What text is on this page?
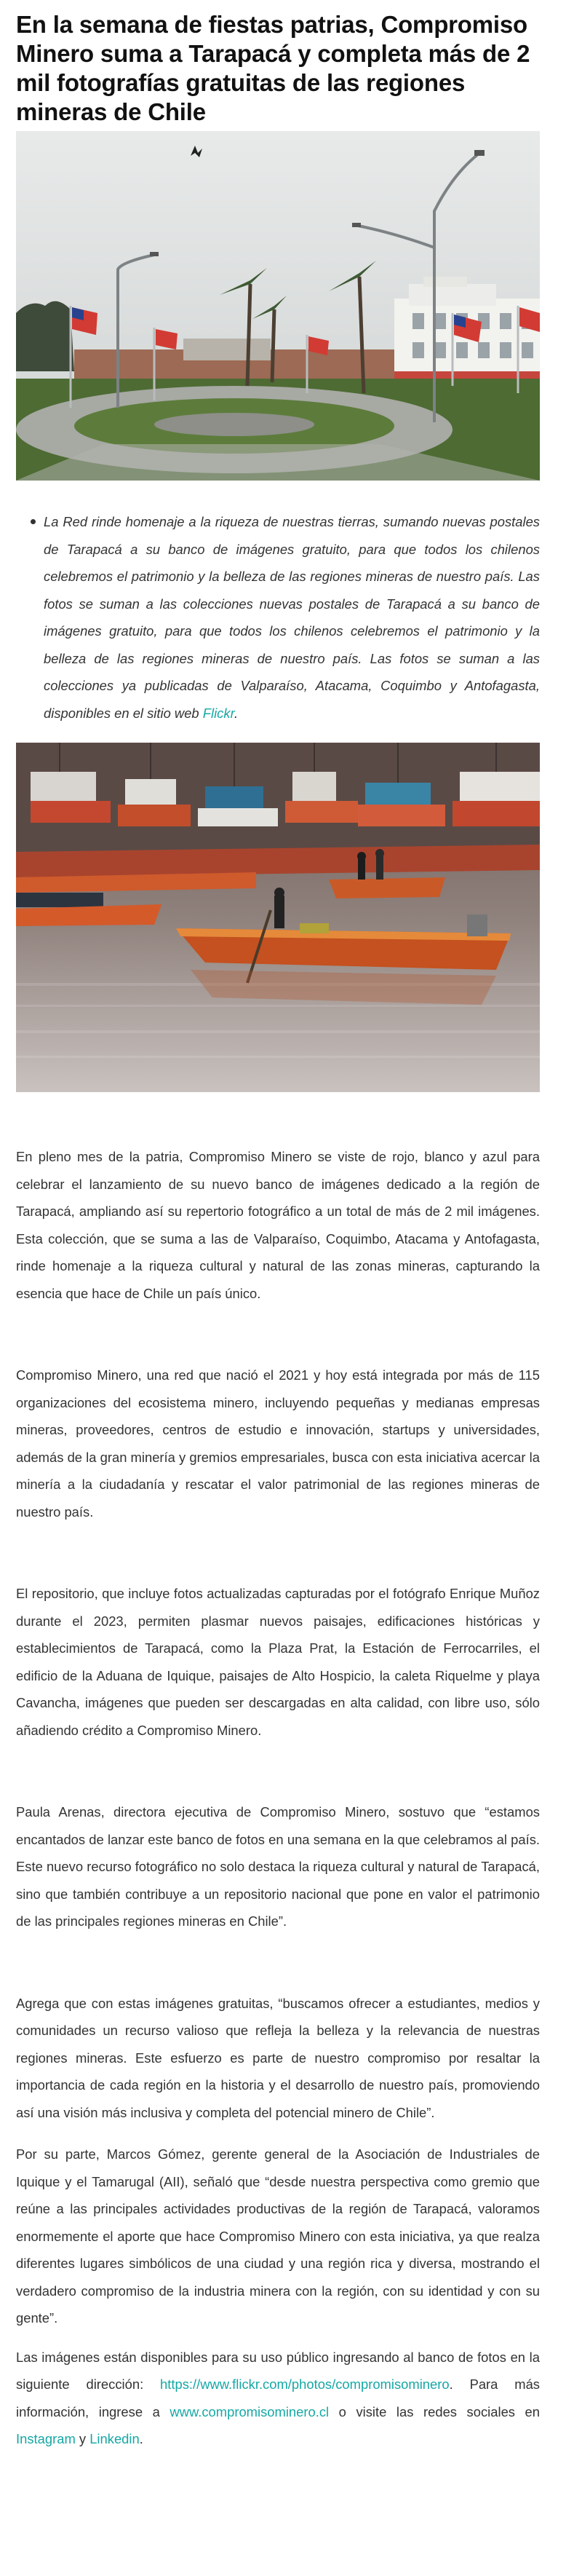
En la semana de fiestas patrias, Compromiso Minero suma a Tarapacá y completa más de 2 mil fotografías gratuitas de las regiones mineras de Chile
La Red rinde homenaje a la riqueza de nuestras tierras, sumando nuevas postales de Tarapacá a su banco de imágenes gratuito, para que todos los chilenos celebremos el patrimonio y la belleza de las regiones mineras de nuestro país. Las fotos se suman a las colecciones nuevas postales de Tarapacá a su banco de imágenes gratuito, para que todos los chilenos celebremos el patrimonio y la belleza de las regiones mineras de nuestro país. Las fotos se suman a las colecciones ya publicadas de Valparaíso, Atacama, Coquimbo y Antofagasta, disponibles en el sitio web Flickr.

En pleno mes de la patria, Compromiso Minero se viste de rojo, blanco y azul para celebrar el lanzamiento de su nuevo banco de imágenes dedicado a la región de Tarapacá, ampliando así su repertorio fotográfico a un total de más de 2 mil imágenes. Esta colección, que se suma a las de Valparaíso, Coquimbo, Atacama y Antofagasta, rinde homenaje a la riqueza cultural y natural de las zonas mineras, capturando la esencia que hace de Chile un país único.

Compromiso Minero, una red que nació el 2021 y hoy está integrada por más de 115 organizaciones del ecosistema minero, incluyendo pequeñas y medianas empresas mineras, proveedores, centros de estudio e innovación, startups y universidades, además de la gran minería y gremios empresariales, busca con esta iniciativa acercar la minería a la ciudadanía y rescatar el valor patrimonial de las regiones mineras de nuestro país.

El repositorio, que incluye fotos actualizadas capturadas por el fotógrafo Enrique Muñoz durante el 2023, permiten plasmar nuevos paisajes, edificaciones históricas y establecimientos de Tarapacá, como la Plaza Prat, la Estación de Ferrocarriles, el edificio de la Aduana de Iquique, paisajes de Alto Hospicio, la caleta Riquelme y playa Cavancha, imágenes que pueden ser descargadas en alta calidad, con libre uso, sólo añadiendo crédito a Compromiso Minero.

Paula Arenas, directora ejecutiva de Compromiso Minero, sostuvo que “estamos encantados de lanzar este banco de fotos en una semana en la que celebramos al país. Este nuevo recurso fotográfico no solo destaca la riqueza cultural y natural de Tarapacá, sino que también contribuye a un repositorio nacional que pone en valor el patrimonio de las principales regiones mineras en Chile”.

Agrega que con estas imágenes gratuitas, “buscamos ofrecer a estudiantes, medios y comunidades un recurso valioso que refleja la belleza y la relevancia de nuestras regiones mineras. Este esfuerzo es parte de nuestro compromiso por resaltar la importancia de cada región en la historia y el desarrollo de nuestro país, promoviendo así una visión más inclusiva y completa del potencial minero de Chile”.

Por su parte, Marcos Gómez, gerente general de la Asociación de Industriales de Iquique y el Tamarugal (AII), señaló que “desde nuestra perspectiva como gremio que reúne a las principales actividades productivas de la región de Tarapacá, valoramos enormemente el aporte que hace Compromiso Minero con esta iniciativa, ya que realza diferentes lugares simbólicos de una ciudad y una región rica y diversa, mostrando el verdadero compromiso de la industria minera con la región, con su identidad y con su gente”.

Las imágenes están disponibles para su uso público ingresando al banco de fotos en la siguiente dirección: https://www.flickr.com/photos/compromisominero. Para más información, ingrese a www.compromisominero.cl o visite las redes sociales en Instagram y Linkedin.
